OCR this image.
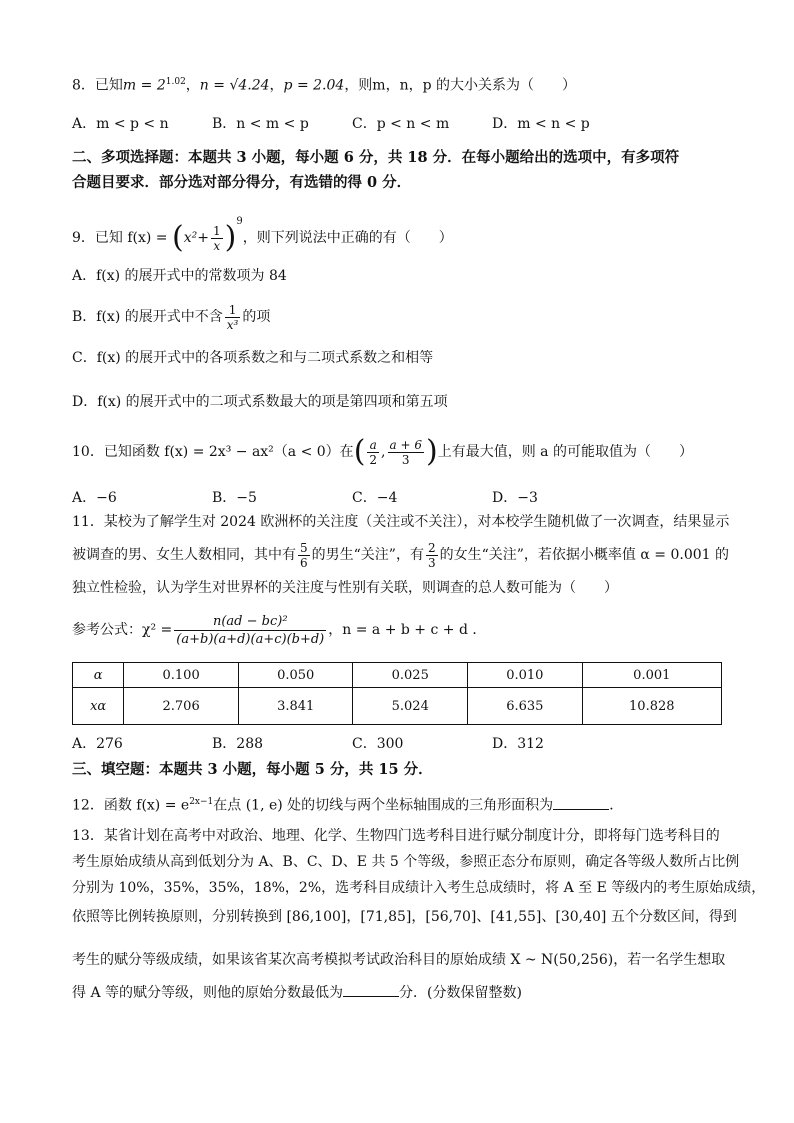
8．已知$m = 2^{1.02}$，n = √4.24，p = 2.04，则m，n，p 的大小关系为（　　）
A．m < p < n	B．n < m < p	C．p < n < m	D．m < n < p
二、多项选择题：本题共 3 小题，每小题 6 分，共 18 分．在每小题给出的选项中，有多项符
合题目要求．部分选对部分得分，有选错的得 0 分．
9．已知 $f(x) = (x^2+ \frac{1}{x} )^9$，则下列说法中正确的有（　　）
A．f(x) 的展开式中的常数项为 84
B．f(x) 的展开式中不含 $\frac{1}{\text{x³}}$ 的项
C．f(x) 的展开式中的各项系数之和与二项式系数之和相等
D．f(x) 的展开式中的二项式系数最大的项是第四项和第五项
10．已知函数 f(x) = 2x³ − ax²（a < 0）在( $\frac{a}{2}$ , $\frac{a + 6}{3}$ )上有最大值，则 a 的可能取值为（　　）
A．−6	B．−5	C．−4	D．−3
11．某校为了解学生对 2024 欧洲杯的关注度（关注或不关注），对本校学生随机做了一次调查，结果显示
被调查的男、女生人数相同，其中有 $\frac{5}{6}$ 的男生“关注”，有 $\frac{2}{3}$ 的女生“关注”，若依据小概率值 α = 0.001 的
独立性检验，认为学生对世界杯的关注度与性别有关联，则调查的总人数可能为（　　）
参考公式：$\chi^2 = \frac{\text{n(ad − bc)²}}{(a+b)(a+d)(a+c)(b+d)}$ ，n = a + b + c + d ．
α	0.100	0.050	0.025	0.010	0.001
xα	2.706	3.841	5.024	6.635	10.828
A．276	B．288	C．300	D．312
三、填空题：本题共 3 小题，每小题 5 分，共 15 分．
12．函数 $f(x) = e^{2x-1}$在点 (1, e) 处的切线与两个坐标轴围成的三角形面积为	．
13．某省计划在高考中对政治、地理、化学、生物四门选考科目进行赋分制度计分，即将每门选考科目的
考生原始成绩从高到低划分为 A、B、C、D、E 共 5 个等级，参照正态分布原则，确定各等级人数所占比例
分别为 10%，35%，35%，18%，2%，选考科目成绩计入考生总成绩时，将 A 至 E 等级内的考生原始成绩，
依照等比例转换原则，分别转换到 [86,100]，[71,85]，[56,70]、[41,55]、[30,40] 五个分数区间，得到
考生的赋分等级成绩，如果该省某次高考模拟考试政治科目的原始成绩 X ~ N(50,256)，若一名学生想取
得 A 等的赋分等级，则他的原始分数最低为	分．(分数保留整数)
